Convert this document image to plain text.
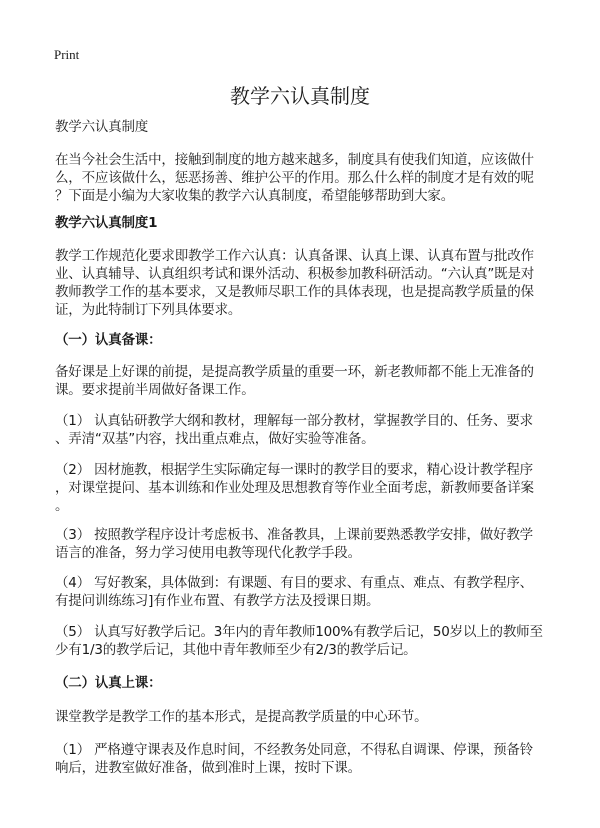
Print
教学六认真制度
教学六认真制度
在当今社会生活中，接触到制度的地方越来越多，制度具有使我们知道，应该做什
么，不应该做什么，惩恶扬善、维护公平的作用。那么什么样的制度才是有效的呢
？下面是小编为大家收集的教学六认真制度，希望能够帮助到大家。
教学六认真制度1
教学工作规范化要求即教学工作六认真：认真备课、认真上课、认真布置与批改作
业、认真辅导、认真组织考试和课外活动、积极参加教科研活动。“六认真”既是对
教师教学工作的基本要求，又是教师尽职工作的具体表现，也是提高教学质量的保
证，为此特制订下列具体要求。
（一）认真备课：
备好课是上好课的前提，是提高教学质量的重要一环，新老教师都不能上无准备的
课。要求提前半周做好备课工作。
（1） 认真钻研教学大纲和教材，理解每一部分教材，掌握教学目的、任务、要求
、弄清“双基”内容，找出重点难点，做好实验等准备。
（2） 因材施教，根据学生实际确定每一课时的教学目的要求，精心设计教学程序
，对课堂提问、基本训练和作业处理及思想教育等作业全面考虑，新教师要备详案
。
（3） 按照教学程序设计考虑板书、准备教具，上课前要熟悉教学安排，做好教学
语言的准备，努力学习使用电教等现代化教学手段。
（4） 写好教案，具体做到：有课题、有目的要求、有重点、难点、有教学程序、
有提问训练练习]有作业布置、有教学方法及授课日期。
（5） 认真写好教学后记。3年内的青年教师100%有教学后记，50岁以上的教师至
少有1/3的教学后记，其他中青年教师至少有2/3的教学后记。
（二）认真上课：
课堂教学是教学工作的基本形式，是提高教学质量的中心环节。
（1） 严格遵守课表及作息时间，不经教务处同意，不得私自调课、停课，预备铃
响后，进教室做好准备，做到准时上课，按时下课。
